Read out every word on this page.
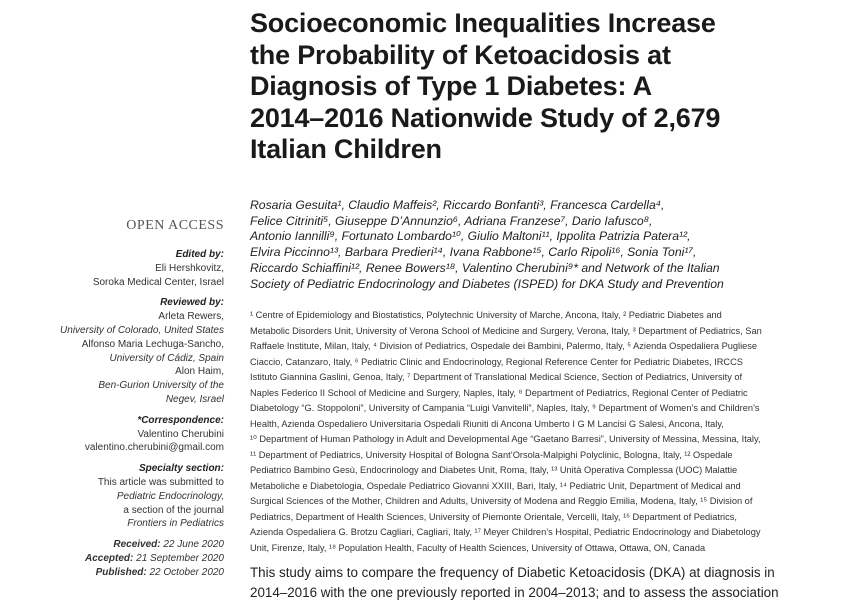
Socioeconomic Inequalities Increase
the Probability of Ketoacidosis at
Diagnosis of Type 1 Diabetes: A
2014–2016 Nationwide Study of 2,679
Italian Children
OPEN ACCESS
Edited by:
Eli Hershkovitz,
Soroka Medical Center, Israel
Reviewed by:
Arleta Rewers,
University of Colorado, United States
Alfonso Maria Lechuga-Sancho,
University of Cádiz, Spain
Alon Haim,
Ben-Gurion University of the
Negev, Israel
*Correspondence:
Valentino Cherubini
valentino.cherubini@gmail.com
Specialty section:
This article was submitted to
Pediatric Endocrinology,
a section of the journal
Frontiers in Pediatrics
Received: 22 June 2020
Accepted: 21 September 2020
Published: 22 October 2020
Rosaria Gesuita¹, Claudio Maffeis², Riccardo Bonfanti³, Francesca Cardella⁴,
Felice Citriniti⁵, Giuseppe D’Annunzio⁶, Adriana Franzese⁷, Dario Iafusco⁸,
Antonio Iannilli⁹, Fortunato Lombardo¹⁰, Giulio Maltoni¹¹, Ippolita Patrizia Patera¹²,
Elvira Piccinno¹³, Barbara Predieri¹⁴, Ivana Rabbone¹⁵, Carlo Ripoli¹⁶, Sonia Toni¹⁷,
Riccardo Schiaffini¹², Renee Bowers¹⁸, Valentino Cherubini⁹* and Network of the Italian
Society of Pediatric Endocrinology and Diabetes (ISPED) for DKA Study and Prevention
¹ Centre of Epidemiology and Biostatistics, Polytechnic University of Marche, Ancona, Italy, ² Pediatric Diabetes and
Metabolic Disorders Unit, University of Verona School of Medicine and Surgery, Verona, Italy, ³ Department of Pediatrics, San
Raffaele Institute, Milan, Italy, ⁴ Division of Pediatrics, Ospedale dei Bambini, Palermo, Italy, ⁵ Azienda Ospedaliera Pugliese
Ciaccio, Catanzaro, Italy, ⁶ Pediatric Clinic and Endocrinology, Regional Reference Center for Pediatric Diabetes, IRCCS
Istituto Giannina Gaslini, Genoa, Italy, ⁷ Department of Translational Medical Science, Section of Pediatrics, University of
Naples Federico II School of Medicine and Surgery, Naples, Italy, ⁸ Department of Pediatrics, Regional Center of Pediatric
Diabetology “G. Stoppoloni”, University of Campania “Luigi Vanvitelli”, Naples, Italy, ⁹ Department of Women’s and Children’s
Health, Azienda Ospedaliero Universitaria Ospedali Riuniti di Ancona Umberto I G M Lancisi G Salesi, Ancona, Italy,
¹⁰ Department of Human Pathology in Adult and Developmental Age “Gaetano Barresi”, University of Messina, Messina, Italy,
¹¹ Department of Pediatrics, University Hospital of Bologna Sant’Orsola-Malpighi Polyclinic, Bologna, Italy, ¹² Ospedale
Pediatrico Bambino Gesù, Endocrinology and Diabetes Unit, Roma, Italy, ¹³ Unità Operativa Complessa (UOC) Malattie
Metaboliche e Diabetologia, Ospedale Pediatrico Giovanni XXIII, Bari, Italy, ¹⁴ Pediatric Unit, Department of Medical and
Surgical Sciences of the Mother, Children and Adults, University of Modena and Reggio Emilia, Modena, Italy, ¹⁵ Division of
Pediatrics, Department of Health Sciences, University of Piemonte Orientale, Vercelli, Italy, ¹⁶ Department of Pediatrics,
Azienda Ospedaliera G. Brotzu Cagliari, Cagliari, Italy, ¹⁷ Meyer Children’s Hospital, Pediatric Endocrinology and Diabetology
Unit, Firenze, Italy, ¹⁸ Population Health, Faculty of Health Sciences, University of Ottawa, Ottawa, ON, Canada
This study aims to compare the frequency of Diabetic Ketoacidosis (DKA) at diagnosis in
2014–2016 with the one previously reported in 2004–2013; and to assess the association
